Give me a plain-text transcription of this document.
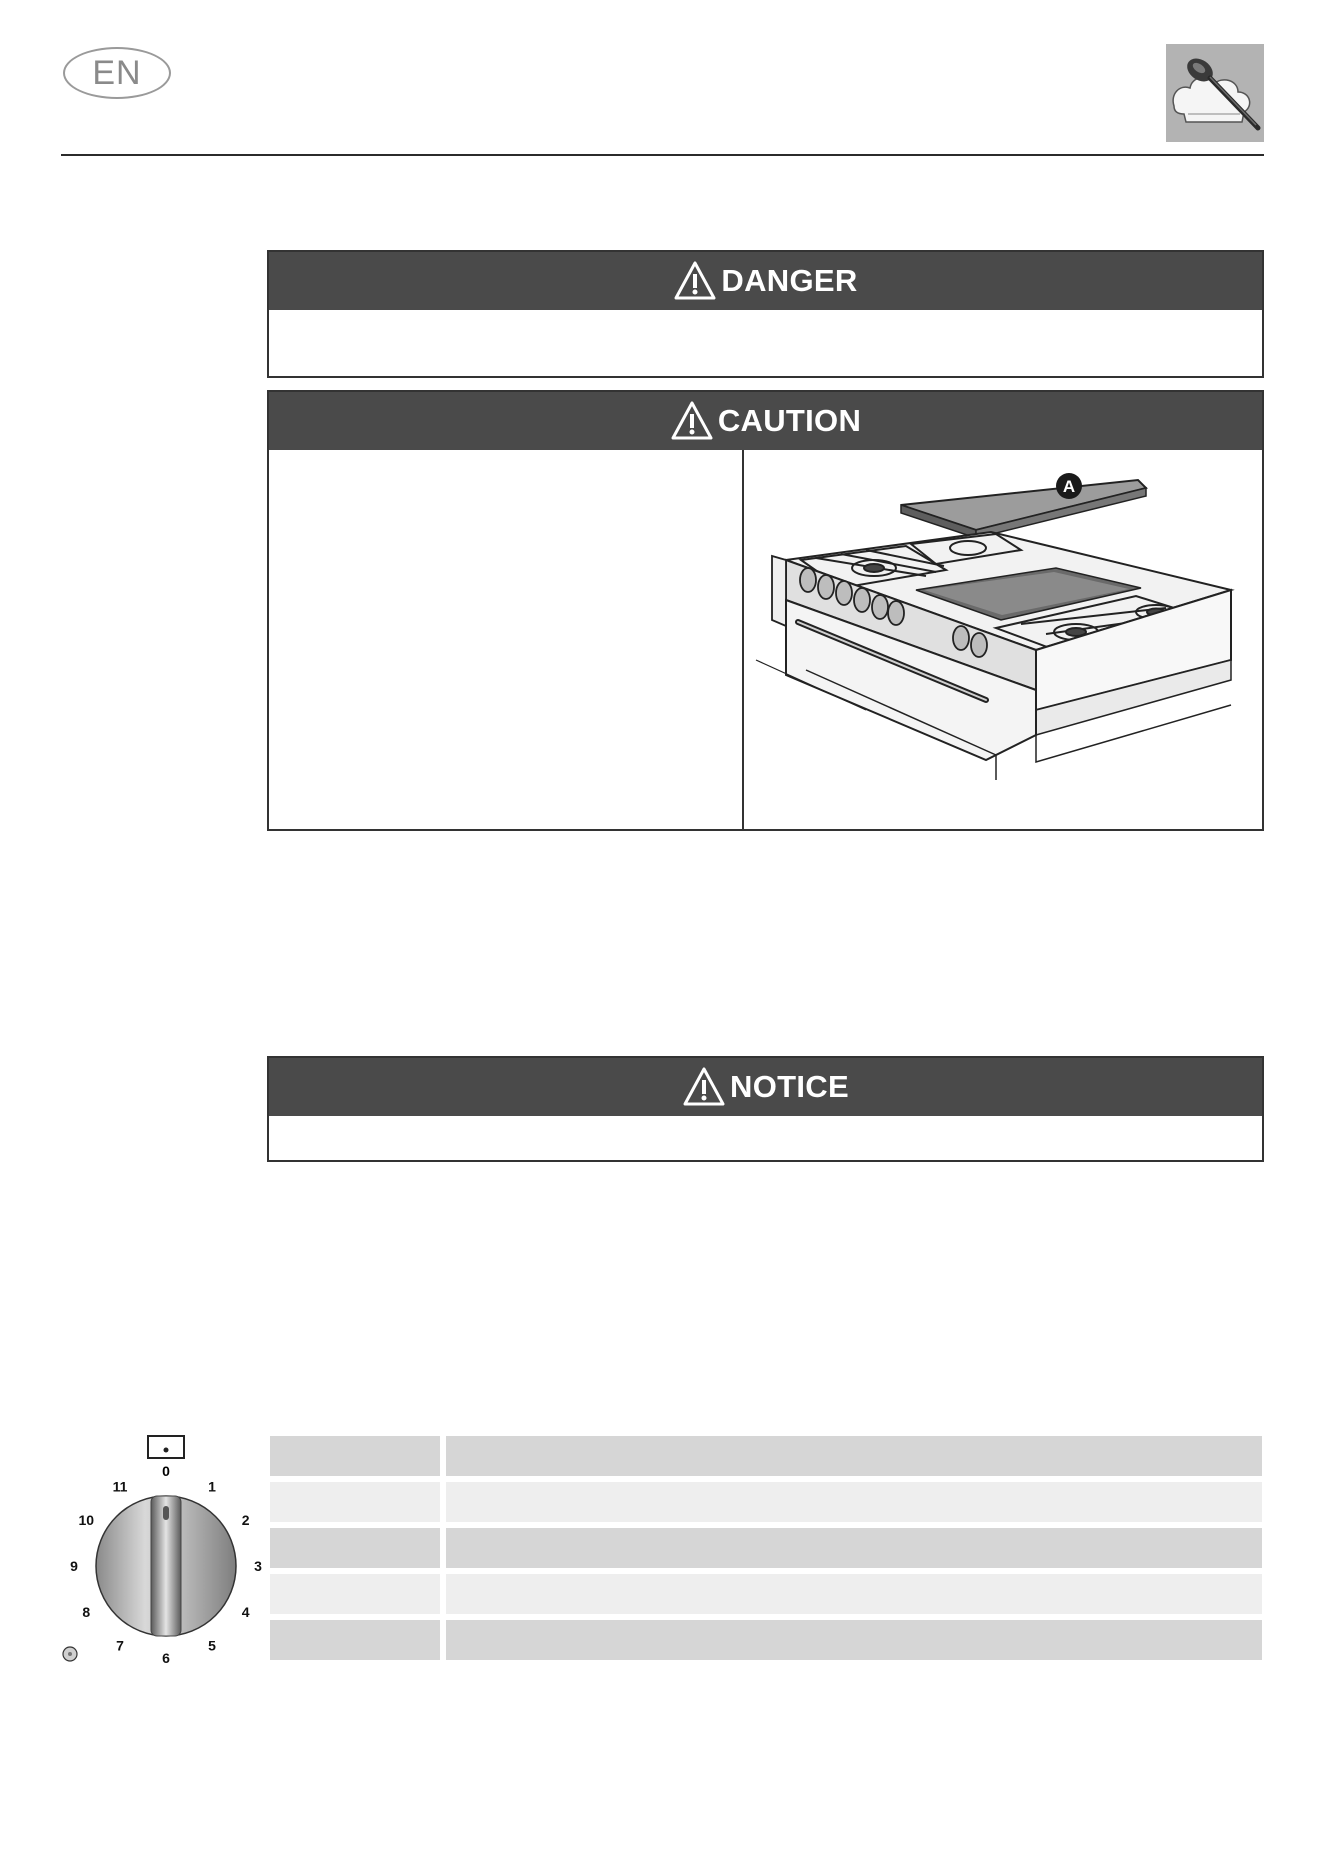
EN
DANGER
CAUTION
A
NOTICE
0
1
2
3
4
5
6
7
8
9
10
11
